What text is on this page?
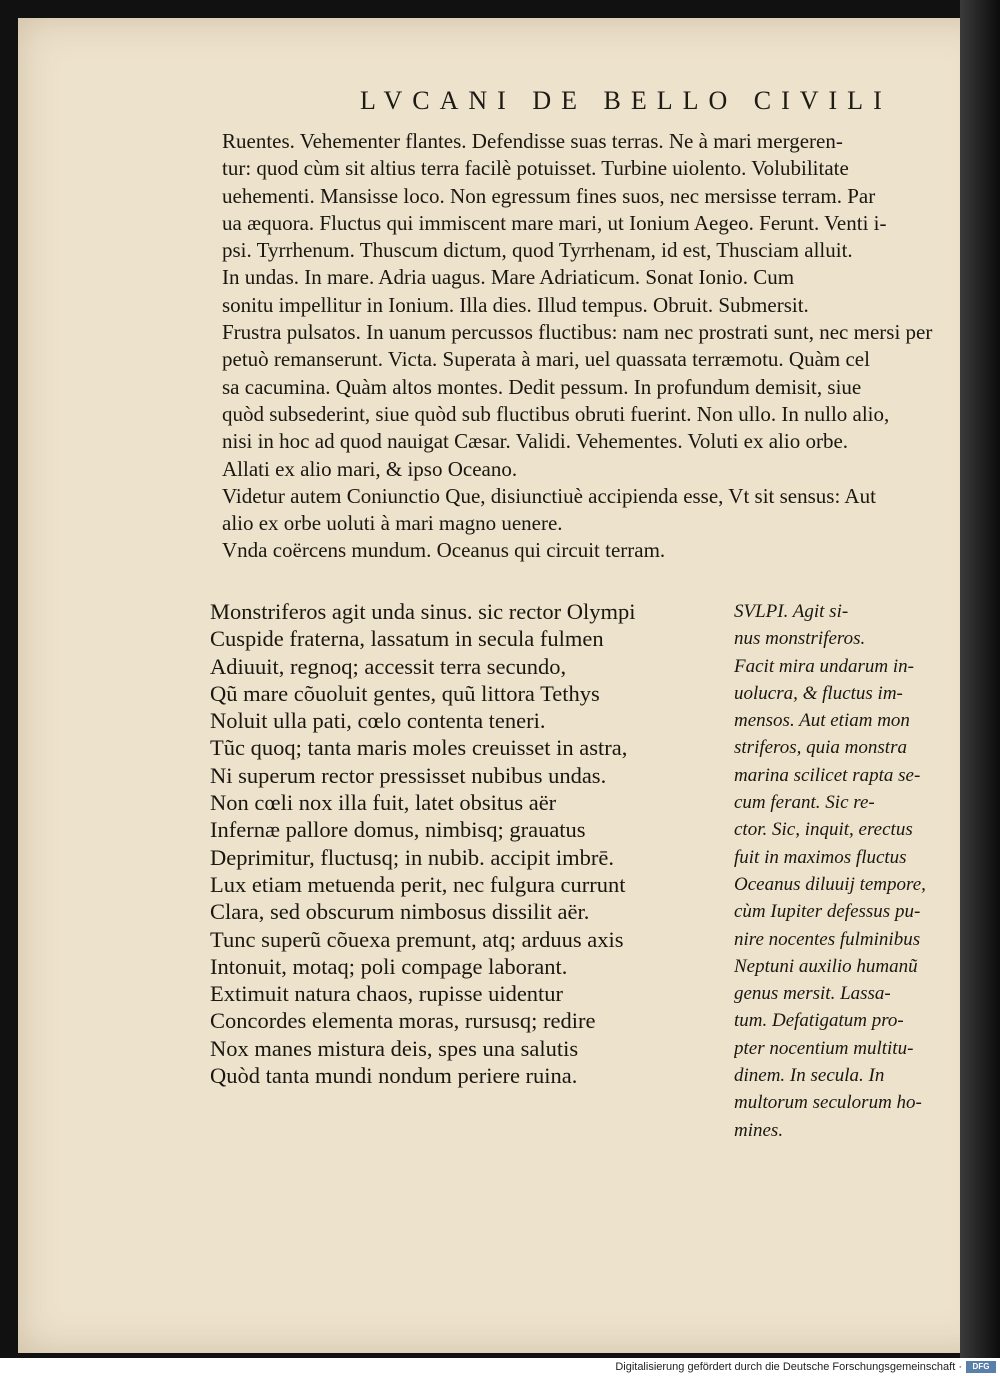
LVCANI DE BELLO CIVILI
Ruentes. Vehementer flantes. Defendisse suas terras. Ne à mari mergeren-
tur: quod cùm sit altius terra facilè potuisset. Turbine uiolento. Volubilitate
uehementi. Mansisse loco. Non egressum fines suos, nec mersisse terram. Par
ua æquora. Fluctus qui immiscent mare mari, ut Ionium Aegeo. Ferunt. Venti i-
psi. Tyrrhenum. Thuscum dictum, quod Tyrrhenam, id est, Thusciam alluit.
In undas. In mare. Adria uagus. Mare Adriaticum. Sonat Ionio. Cum
sonitu impellitur in Ionium. Illa dies. Illud tempus. Obruit. Submersit.
Frustra pulsatos. In uanum percussos fluctibus: nam nec prostrati sunt, nec mersi per
petuò remanserunt. Victa. Superata à mari, uel quassata terræmotu. Quàm cel
sa cacumina. Quàm altos montes. Dedit pessum. In profundum demisit, siue
quòd subsederint, siue quòd sub fluctibus obruti fuerint. Non ullo. In nullo alio,
nisi in hoc ad quod nauigat Cæsar. Validi. Vehementes. Voluti ex alio orbe.
Allati ex alio mari, & ipso Oceano.
Videtur autem Coniunctio Que, disiunctiuè accipienda esse, Vt sit sensus: Aut
alio ex orbe uoluti à mari magno uenere.
Vnda coërcens mundum. Oceanus qui circuit terram.
Monstriferos agit unda sinus. sic rector Olympi
Cuspide fraterna, lassatum in secula fulmen
Adiuuit, regnoq; accessit terra secundo,
Qũ mare cõuoluit gentes, quũ littora Tethys
Noluit ulla pati, cœlo contenta teneri.
Tũc quoq; tanta maris moles creuisset in astra,
Ni superum rector pressisset nubibus undas.
Non cœli nox illa fuit, latet obsitus aër
Infernæ pallore domus, nimbisq; grauatus
Deprimitur, fluctusq; in nubib. accipit imbrē.
Lux etiam metuenda perit, nec fulgura currunt
Clara, sed obscurum nimbosus dissilit aër.
Tunc superũ cõuexa premunt, atq; arduus axis
Intonuit, motaq; poli compage laborant.
Extimuit natura chaos, rupisse uidentur
Concordes elementa moras, rursusq; redire
Nox manes mistura deis, spes una salutis
Quòd tanta mundi nondum periere ruina.
SVLPI. Agit si-
nus monstriferos.
Facit mira undarum in-
uolucra, & fluctus im-
mensos. Aut etiam mon
striferos, quia monstra
marina scilicet rapta se-
cum ferant. Sic re-
ctor. Sic, inquit, erectus
fuit in maximos fluctus
Oceanus diluuij tempore,
cùm Iupiter defessus pu-
nire nocentes fulminibus
Neptuni auxilio humanũ
genus mersit. Lassa-
tum. Defatigatum pro-
pter nocentium multitu-
dinem. In secula. In
multorum seculorum ho-
mines.
Digitalisierung gefördert durch die Deutsche Forschungsgemeinschaft ·	DFG
